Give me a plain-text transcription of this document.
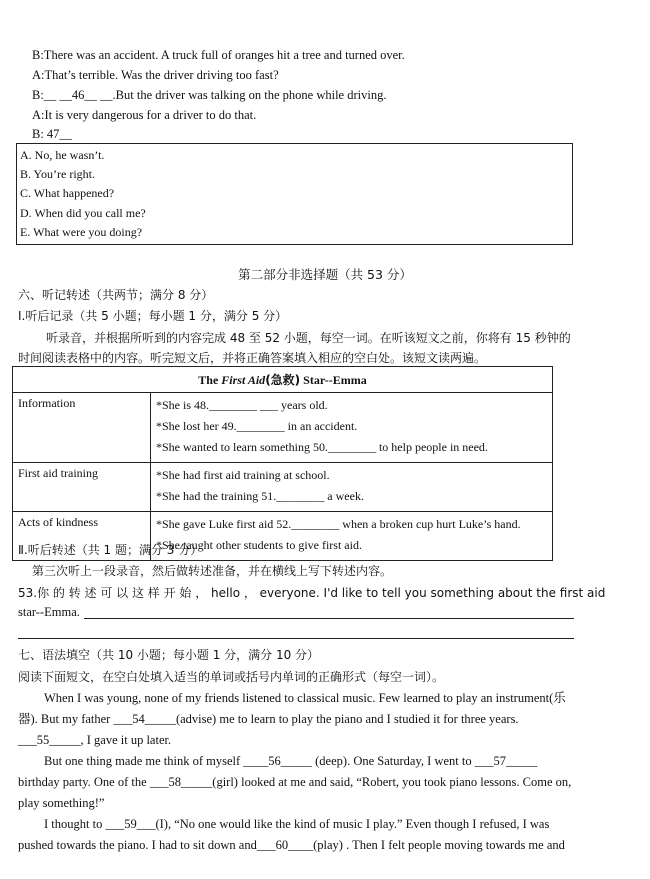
B:There was an accident. A truck full of oranges hit a tree and turned over.
A:That’s terrible. Was the driver driving too fast?
B:__ __46__ __.But the driver was talking on the phone while driving.
A:It is very dangerous for a driver to do that.
B: 47__
A. No, he wasn’t.
B. You’re right.
C. What happened?
D. When did you call me?
E. What were you doing?
第二部分非选择题（共 53 分）
六、听记转述（共两节；满分 8 分）
Ⅰ.听后记录（共 5 小题；每小题 1 分，满分 5 分）
听录音，并根据所听到的内容完成 48 至 52 小题，每空一词。在听该短文之前，你将有 15 秒钟的
时间阅读表格中的内容。听完短文后，并将正确答案填入相应的空白处。该短文读两遍。
The First Aid(急救) Star--Emma	
Information	*She is 48.________ ___ years old.
*She lost her 49.________ in an accident.
*She wanted to learn something 50.________ to help people in need.

First aid training	*She had first aid training at school.
*She had the training 51.________ a week.

Acts of kindness	*She gave Luke first aid 52.________ when a broken cup hurt Luke’s hand.
*She taught other students to give first aid.
Ⅱ.听后转述（共 1 题；满分 3 分）
第三次听上一段录音，然后做转述准备，并在横线上写下转述内容。
53.你 的 转 述 可 以 这 样 开 始 ， hello ， everyone. I'd like to tell you something about the first aid
star--Emma.
七、语法填空（共 10 小题；每小题 1 分，满分 10 分）
阅读下面短文，在空白处填入适当的单词或括号内单词的正确形式（每空一词）。
When I was young, none of my friends listened to classical music. Few learned to play an instrument(乐
器). But my father ___54_____(advise) me to learn to play the piano and I studied it for three years.
___55_____, I gave it up later.
But one thing made me think of myself ____56_____ (deep). One Saturday, I went to ___57_____
birthday party. One of the ___58_____(girl) looked at me and said, “Robert, you took piano lessons. Come on,
play something!”
I thought to ___59___(I), “No one would like the kind of music I play.” Even though I refused, I was
pushed towards the piano. I had to sit down and___60____(play) . Then I felt people moving towards me and
